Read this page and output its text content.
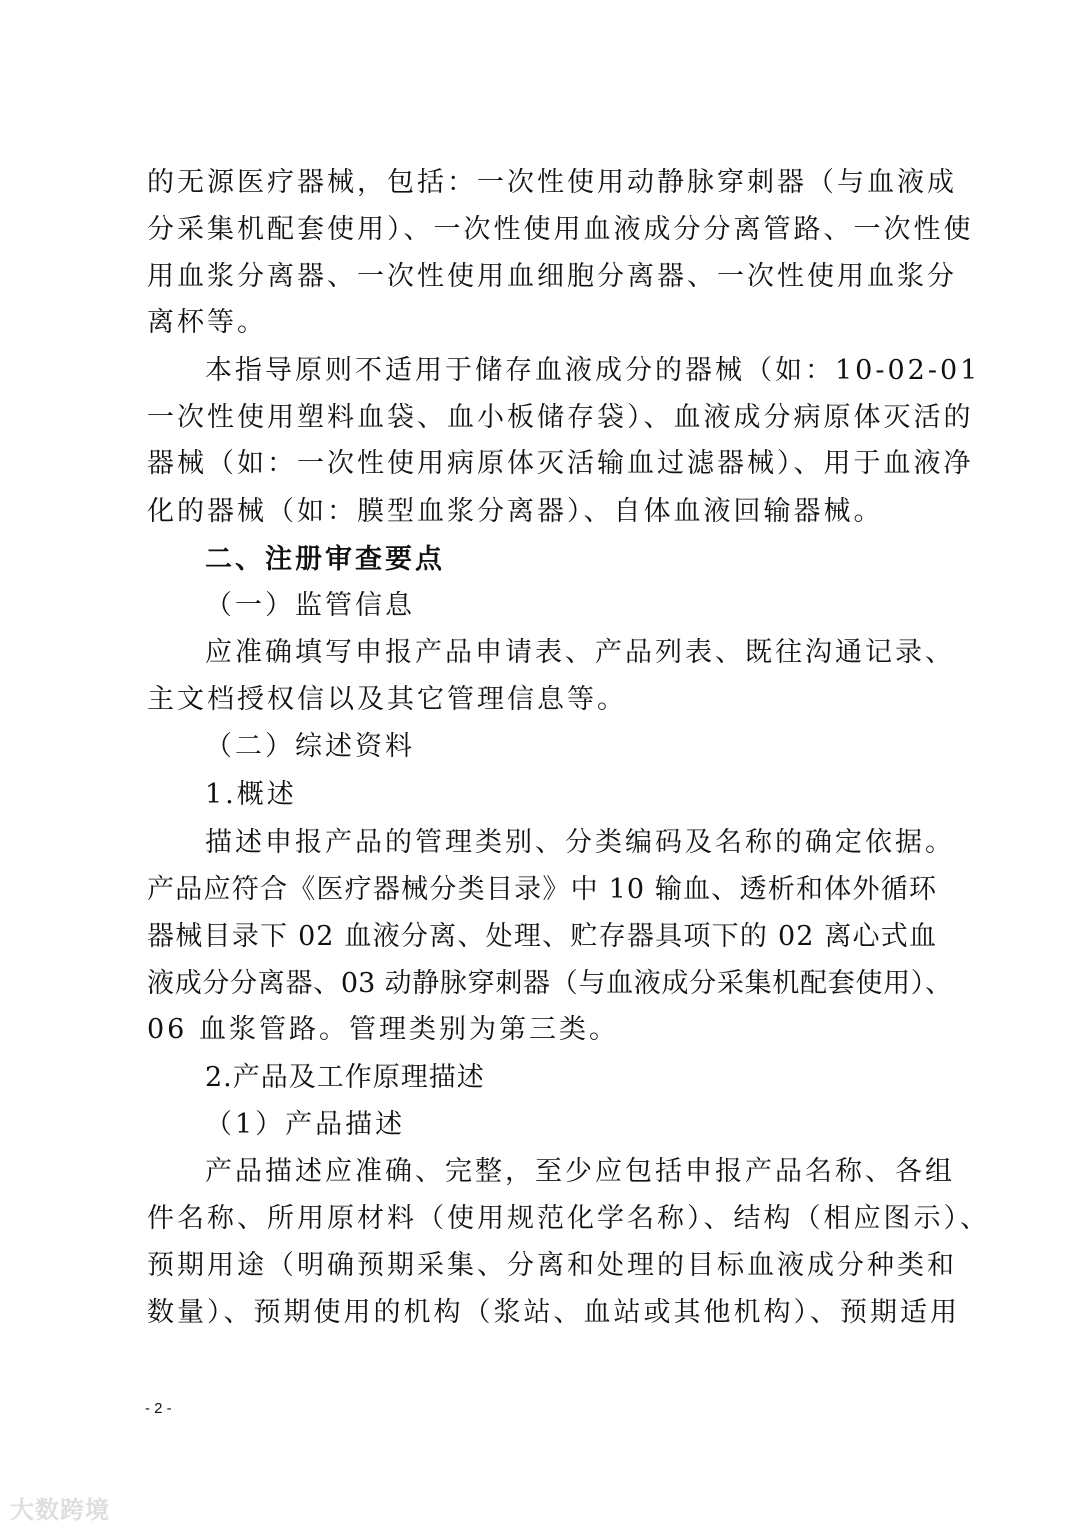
的无源医疗器械，包括：一次性使用动静脉穿刺器（与血液成
分采集机配套使用）、一次性使用血液成分分离管路、一次性使
用血浆分离器、一次性使用血细胞分离器、一次性使用血浆分
离杯等。
本指导原则不适用于储存血液成分的器械（如：10-02-01
一次性使用塑料血袋、血小板储存袋）、血液成分病原体灭活的
器械（如：一次性使用病原体灭活输血过滤器械）、用于血液净
化的器械（如：膜型血浆分离器）、自体血液回输器械。
二、注册审查要点
（一）监管信息
应准确填写申报产品申请表、产品列表、既往沟通记录、
主文档授权信以及其它管理信息等。
（二）综述资料
1.概述
描述申报产品的管理类别、分类编码及名称的确定依据。
产品应符合《医疗器械分类目录》中 10 输血、透析和体外循环
器械目录下 02 血液分离、处理、贮存器具项下的 02 离心式血
液成分分离器、03 动静脉穿刺器（与血液成分采集机配套使用）、
06 血浆管路。管理类别为第三类。
2.产品及工作原理描述
（1）产品描述
产品描述应准确、完整，至少应包括申报产品名称、各组
件名称、所用原材料（使用规范化学名称）、结构（相应图示）、
预期用途（明确预期采集、分离和处理的目标血液成分种类和
数量）、预期使用的机构（浆站、血站或其他机构）、预期适用
- 2 -
大数跨境
